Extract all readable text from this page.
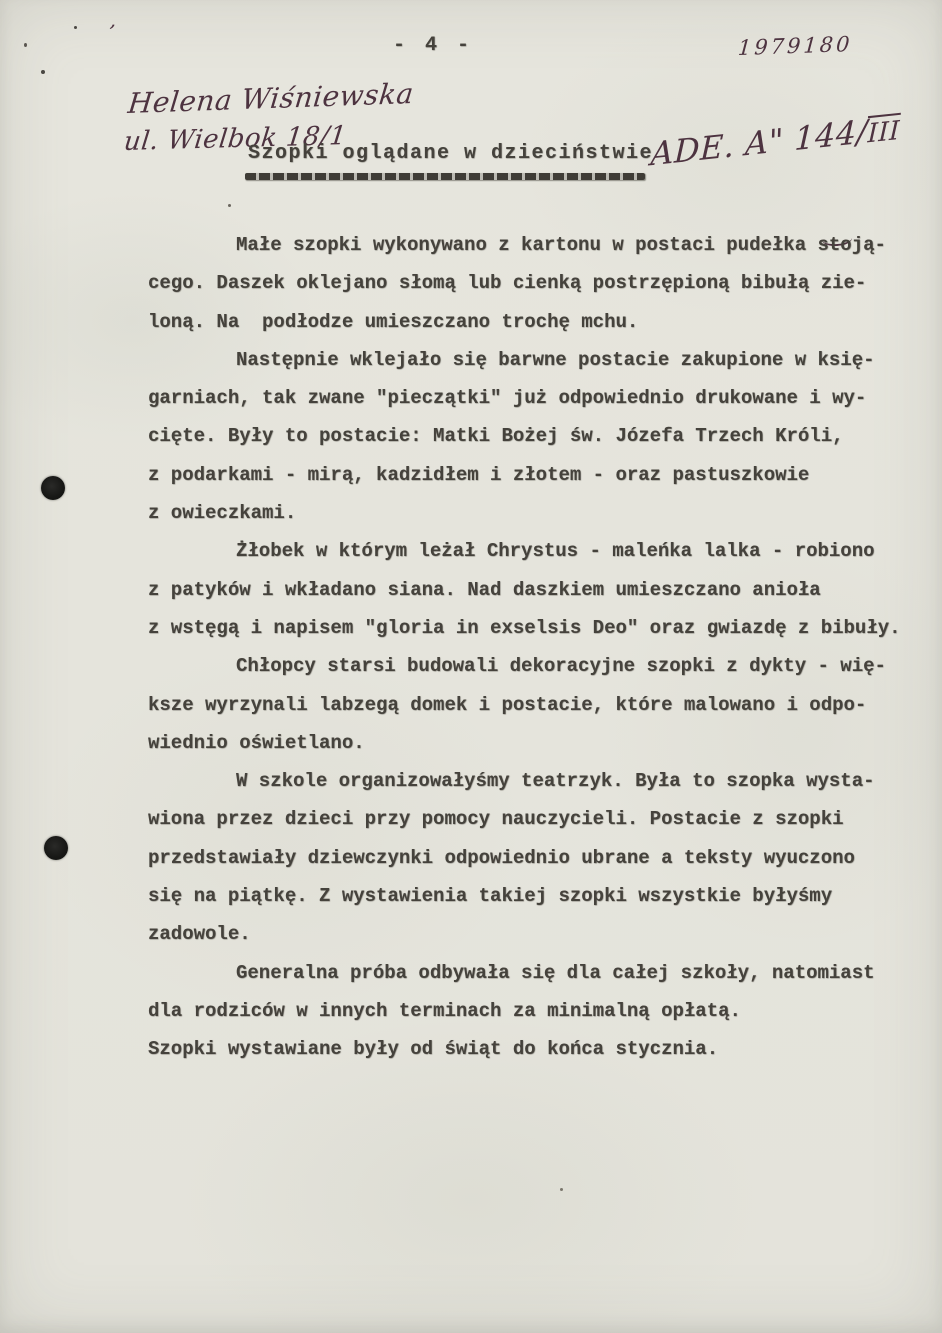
- 4 -
’	1979180
Helena Wiśniewska
ul. Wielbok 18/1
Szopki oglądane w dzieciństwie
ADE. A" 144/III
Małe szopki wykonywano z kartonu w postaci pudełka stoją-
cego. Daszek oklejano słomą lub cienką postrzępioną bibułą zie-
loną. Na  podłodze umieszczano trochę mchu.
Następnie wklejało się barwne postacie zakupione w księ-
garniach, tak zwane "pieczątki" już odpowiednio drukowane i wy-
cięte. Były to postacie: Matki Bożej św. Józefa Trzech Króli,
z podarkami - mirą, kadzidłem i złotem - oraz pastuszkowie
z owieczkami.
Żłobek w którym leżał Chrystus - maleńka lalka - robiono
z patyków i wkładano siana. Nad daszkiem umieszczano anioła
z wstęgą i napisem "gloria in exselsis Deo" oraz gwiazdę z bibuły.
Chłopcy starsi budowali dekoracyjne szopki z dykty - wię-
ksze wyrzynali labzegą domek i postacie, które malowano i odpo-
wiednio oświetlano.
W szkole organizowałyśmy teatrzyk. Była to szopka wysta-
wiona przez dzieci przy pomocy nauczycieli. Postacie z szopki
przedstawiały dziewczynki odpowiednio ubrane a teksty wyuczono
się na piątkę. Z wystawienia takiej szopki wszystkie byłyśmy
zadowole.
Generalna próba odbywała się dla całej szkoły, natomiast
dla rodziców w innych terminach za minimalną opłatą.
Szopki wystawiane były od świąt do końca stycznia.
